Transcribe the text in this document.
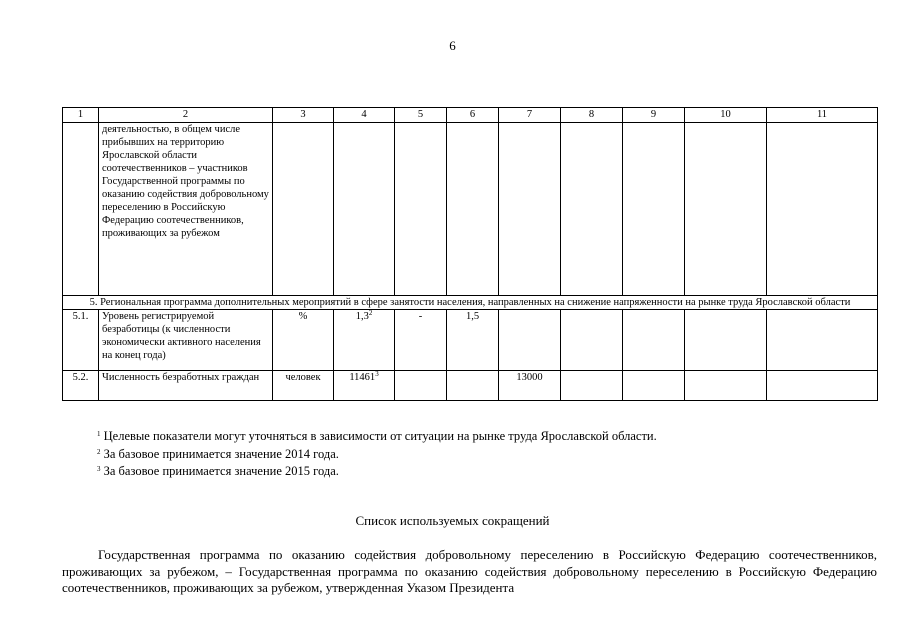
6
1	2	3	4	5	6	7	8	9	10	11
	деятельностью, в общем числе прибывших на территорию Ярославской области соотечественников – участников Государственной программы по оказанию содействия добровольному переселению в Российскую Федерацию соотечественников, проживающих за рубежом									
5. Региональная программа дополнительных мероприятий в сфере занятости населения, направленных на снижение напряженности на рынке труда Ярославской области										
5.1.	Уровень регистрируемой безработицы (к численности экономически активного населения на конец года)	%	$1,3^2$	-	1,5					
5.2.	Численность безработных граждан	человек	11461$^3$			13000				
$^1$ Целевые показатели могут уточняться в зависимости от ситуации на рынке труда Ярославской области.
$^2$ За базовое принимается значение 2014 года.
$^3$ За базовое принимается значение 2015 года.
Список используемых сокращений

Государственная программа по оказанию содействия добровольному переселению в Российскую Федерацию соотечественников, проживающих за рубежом, – Государственная программа по оказанию содействия добровольному переселению в Российскую Федерацию соотечественников, проживающих за рубежом, утвержденная Указом Президента
